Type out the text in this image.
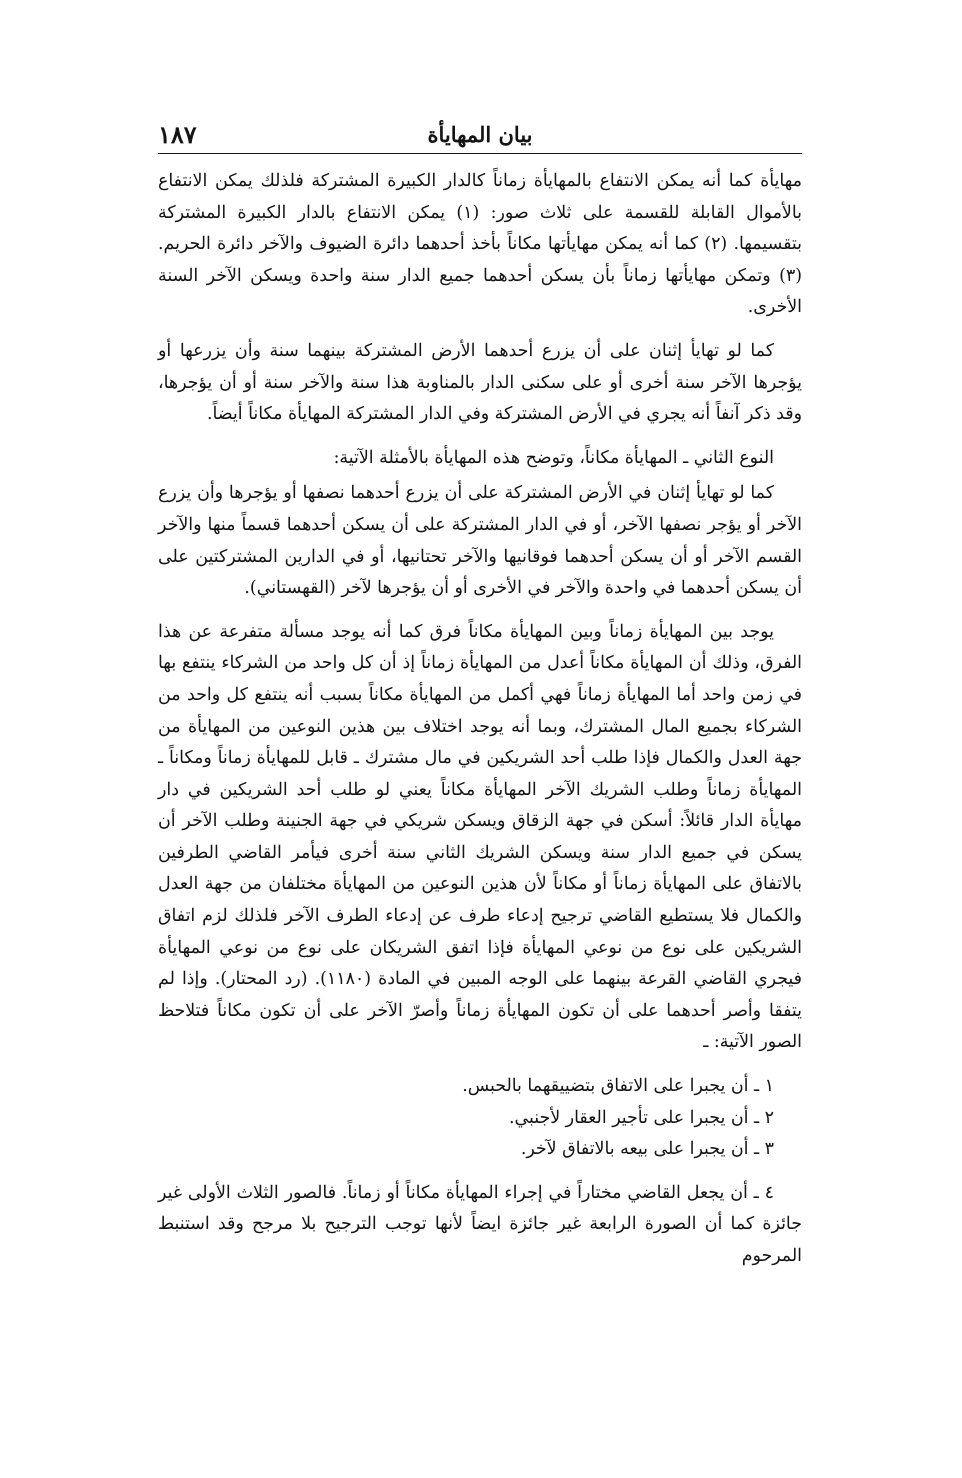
١٨٧	بيان المهايأة

مهايأة كما أنه يمكن الانتفاع بالمهايأة زماناً كالدار الكبيرة المشتركة فلذلك يمكن الانتفاع بالأموال القابلة للقسمة على ثلاث صور: (١) يمكن الانتفاع بالدار الكبيرة المشتركة بتقسيمها. (٢) كما أنه يمكن مهايأتها مكاناً بأخذ أحدهما دائرة الضيوف والآخر دائرة الحريم. (٣) وتمكن مهايأتها زماناً بأن يسكن أحدهما جميع الدار سنة واحدة ويسكن الآخر السنة الأخرى.

كما لو تهايأ إثنان على أن يزرع أحدهما الأرض المشتركة بينهما سنة وأن يزرعها أو يؤجرها الآخر سنة أخرى أو على سكنى الدار بالمناوبة هذا سنة والآخر سنة أو أن يؤجرها، وقد ذكر آنفاً أنه يجري في الأرض المشتركة وفي الدار المشتركة المهايأة مكاناً أيضاً.

النوع الثاني ـ المهايأة مكاناً، وتوضح هذه المهايأة بالأمثلة الآتية:

كما لو تهايأ إثنان في الأرض المشتركة على أن يزرع أحدهما نصفها أو يؤجرها وأن يزرع الآخر أو يؤجر نصفها الآخر، أو في الدار المشتركة على أن يسكن أحدهما قسماً منها والآخر القسم الآخر أو أن يسكن أحدهما فوقانيها والآخر تحتانيها، أو في الدارين المشتركتين على أن يسكن أحدهما في واحدة والآخر في الأخرى أو أن يؤجرها لآخر (القهستاني).

يوجد بين المهايأة زماناً وبين المهايأة مكاناً فرق كما أنه يوجد مسألة متفرعة عن هذا الفرق، وذلك أن المهايأة مكاناً أعدل من المهايأة زماناً إذ أن كل واحد من الشركاء ينتفع بها في زمن واحد أما المهايأة زماناً فهي أكمل من المهايأة مكاناً بسبب أنه ينتفع كل واحد من الشركاء بجميع المال المشترك، وبما أنه يوجد اختلاف بين هذين النوعين من المهايأة من جهة العدل والكمال فإذا طلب أحد الشريكين في مال مشترك ـ قابل للمهايأة زماناً ومكاناً ـ المهايأة زماناً وطلب الشريك الآخر المهايأة مكاناً يعني لو طلب أحد الشريكين في دار مهايأة الدار قائلاً: أسكن في جهة الزقاق ويسكن شريكي في جهة الجنينة وطلب الآخر أن يسكن في جميع الدار سنة ويسكن الشريك الثاني سنة أخرى فيأمر القاضي الطرفين بالاتفاق على المهايأة زماناً أو مكاناً لأن هذين النوعين من المهايأة مختلفان من جهة العدل والكمال فلا يستطيع القاضي ترجيح إدعاء طرف عن إدعاء الطرف الآخر فلذلك لزم اتفاق الشريكين على نوع من نوعي المهايأة فإذا اتفق الشريكان على نوع من نوعي المهايأة فيجري القاضي القرعة بينهما على الوجه المبين في المادة (١١٨٠). (رد المحتار). وإذا لم يتفقا وأصر أحدهما على أن تكون المهايأة زماناً وأصرّ الآخر على أن تكون مكاناً فتلاحظ الصور الآتية: ـ

١ ـ أن يجبرا على الاتفاق بتضييقهما بالحبس.
٢ ـ أن يجبرا على تأجير العقار لأجنبي.
٣ ـ أن يجبرا على بيعه بالاتفاق لآخر.

٤ ـ أن يجعل القاضي مختاراً في إجراء المهايأة مكاناً أو زماناً. فالصور الثلاث الأولى غير جائزة كما أن الصورة الرابعة غير جائزة ايضاً لأنها توجب الترجيح بلا مرجح وقد استنبط المرحوم
